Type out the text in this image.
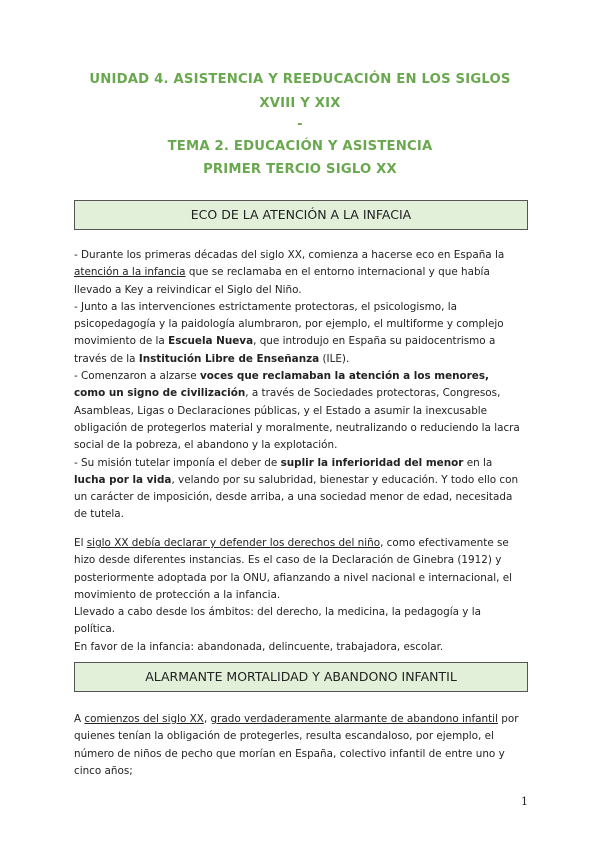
UNIDAD 4. ASISTENCIA Y REEDUCACIÓN EN LOS SIGLOS
XVIII Y XIX
-
TEMA 2. EDUCACIÓN Y ASISTENCIA
PRIMER TERCIO SIGLO XX
ECO DE LA ATENCIÓN A LA INFACIA

- Durante los primeras décadas del siglo XX, comienza a hacerse eco en España la atención a la infancia que se reclamaba en el entorno internacional y que había llevado a Key a reivindicar el Siglo del Niño.

- Junto a las intervenciones estrictamente protectoras, el psicologismo, la psicopedagogía y la paidología alumbraron, por ejemplo, el multiforme y complejo movimiento de la Escuela Nueva, que introdujo en España su paidocentrismo a través de la Institución Libre de Enseñanza (ILE).

- Comenzaron a alzarse voces que reclamaban la atención a los menores, como un signo de civilización, a través de Sociedades protectoras, Congresos, Asambleas, Ligas o Declaraciones públicas, y el Estado a asumir la inexcusable obligación de protegerlos material y moralmente, neutralizando o reduciendo la lacra social de la pobreza, el abandono y la explotación.

- Su misión tutelar imponía el deber de suplir la inferioridad del menor en la lucha por la vida, velando por su salubridad, bienestar y educación. Y todo ello con un carácter de imposición, desde arriba, a una sociedad menor de edad, necesitada de tutela.

El siglo XX debía declarar y defender los derechos del niño, como efectivamente se hizo desde diferentes instancias. Es el caso de la Declaración de Ginebra (1912) y posteriormente adoptada por la ONU, afianzando a nivel nacional e internacional, el movimiento de protección a la infancia.

Llevado a cabo desde los ámbitos: del derecho, la medicina, la pedagogía y la política.

En favor de la infancia: abandonada, delincuente, trabajadora, escolar.

ALARMANTE MORTALIDAD Y ABANDONO INFANTIL

A comienzos del siglo XX, grado verdaderamente alarmante de abandono infantil por quienes tenían la obligación de protegerles, resulta escandaloso, por ejemplo, el número de niños de pecho que morían en España, colectivo infantil de entre uno y cinco años;

1
